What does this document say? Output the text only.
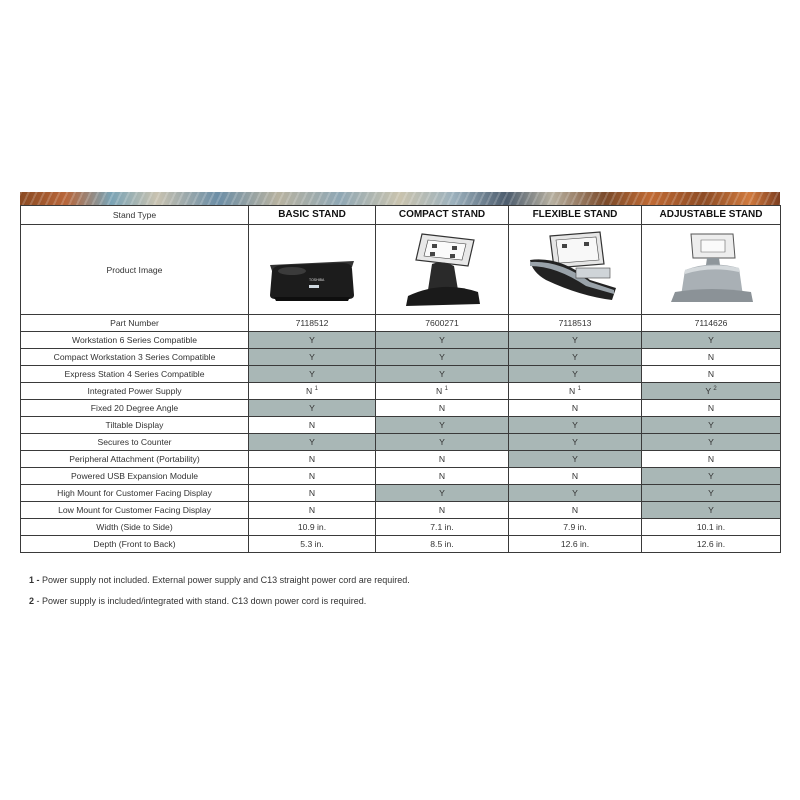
Stand Type	BASIC STAND	COMPACT STAND	FLEXIBLE STAND	ADJUSTABLE STAND
Product Image	TOSHIBA

Part Number	7118512	7600271	7118513	7114626
Workstation 6 Series Compatible	Y	Y	Y	Y
Compact Workstation 3 Series Compatible	Y	Y	Y	N
Express Station 4 Series Compatible	Y	Y	Y	N
Integrated Power Supply	N $^1$	N $^1$	N $^1$	Y $^2$
Fixed 20 Degree Angle	Y	N	N	N
Tiltable Display	N	Y	Y	Y
Secures to Counter	Y	Y	Y	Y
Peripheral Attachment (Portability)	N	N	Y	N
Powered USB Expansion Module	N	N	N	Y
High Mount for Customer Facing Display	N	Y	Y	Y
Low Mount for Customer Facing Display	N	N	N	Y
Width (Side to Side)	10.9 in.	7.1 in.	7.9 in.	10.1 in.
Depth (Front to Back)	5.3 in.	8.5 in.	12.6 in.	12.6 in.

1 - Power supply not included. External power supply and C13 straight power cord are required.

2 - Power supply is included/integrated with stand. C13 down power cord is required.
